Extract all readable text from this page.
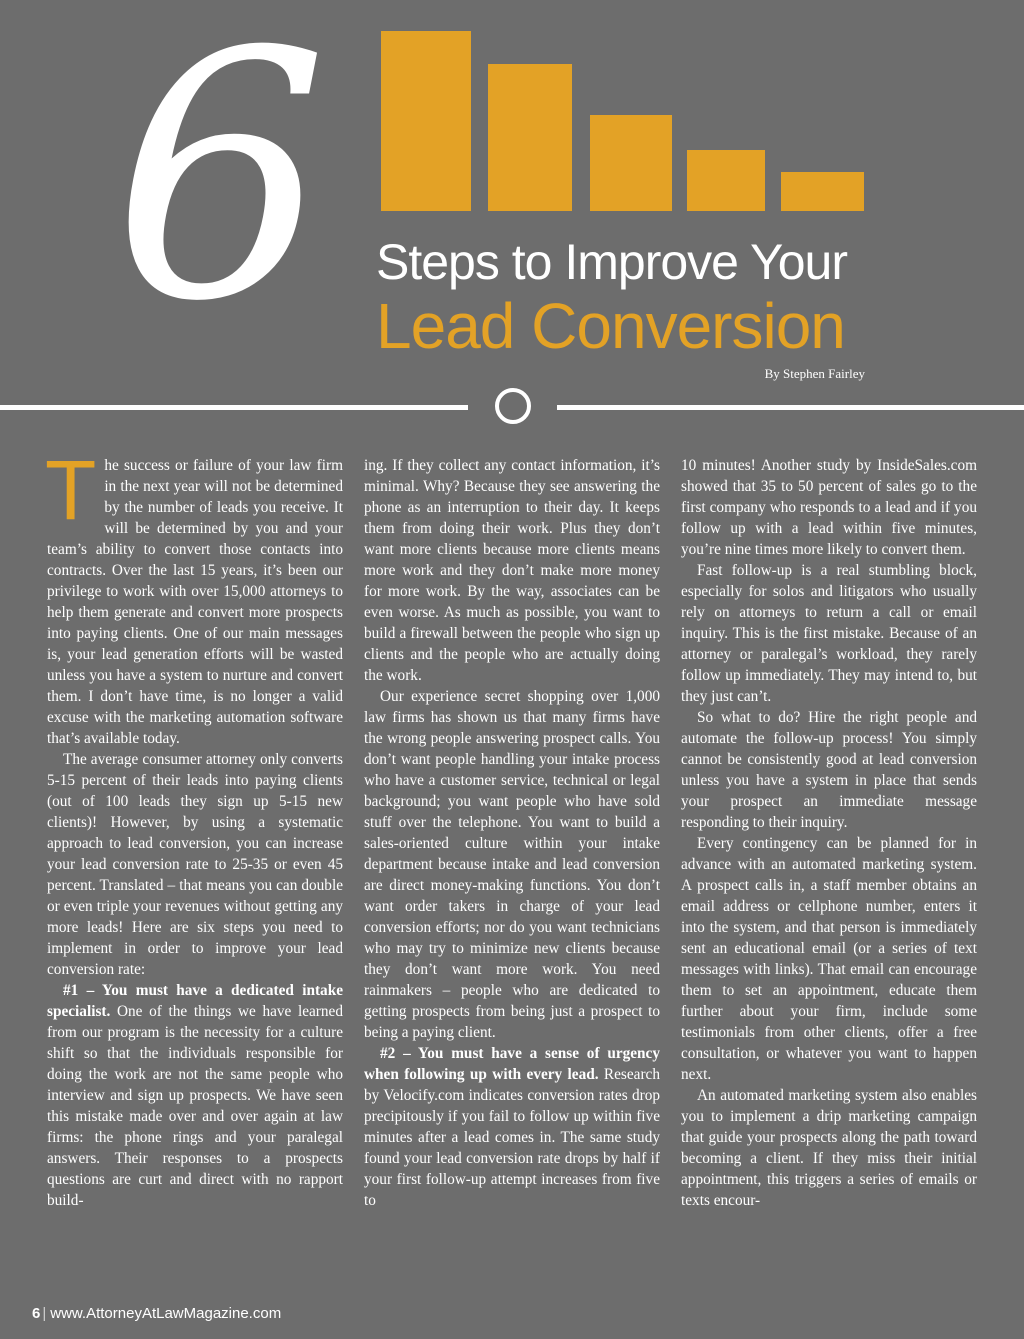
6 Steps to Improve Your
Lead Conversion
By Stephen Fairley

The success or failure of your law firm in the next year will not be determined by the number of leads you receive. It will be determined by you and your team’s ability to convert those contacts into contracts. Over the last 15 years, it’s been our privilege to work with over 15,000 attorneys to help them generate and convert more prospects into paying clients. One of our main messages is, your lead generation efforts will be wasted unless you have a system to nurture and convert them. I don’t have time, is no longer a valid excuse with the marketing automation software that’s available today.

The average consumer attorney only converts 5-15 percent of their leads into paying clients (out of 100 leads they sign up 5-15 new clients)! However, by using a systematic approach to lead conversion, you can increase your lead conversion rate to 25-35 or even 45 percent. Translated – that means you can double or even triple your revenues without getting any more leads! Here are six steps you need to implement in order to improve your lead conversion rate:

#1 – You must have a dedicated intake specialist. One of the things we have learned from our program is the necessity for a culture shift so that the individuals responsible for doing the work are not the same people who interview and sign up prospects. We have seen this mistake made over and over again at law firms: the phone rings and your paralegal answers. Their responses to a prospects questions are curt and direct with no rapport build-

ing. If they collect any contact information, it’s minimal. Why? Because they see answering the phone as an interruption to their day. It keeps them from doing their work. Plus they don’t want more clients because more clients means more work and they don’t make more money for more work. By the way, associates can be even worse. As much as possible, you want to build a firewall between the people who sign up clients and the people who are actually doing the work.

Our experience secret shopping over 1,000 law firms has shown us that many firms have the wrong people answering prospect calls. You don’t want people handling your intake process who have a customer service, technical or legal background; you want people who have sold stuff over the telephone. You want to build a sales-oriented culture within your intake department because intake and lead conversion are direct money-making functions. You don’t want order takers in charge of your lead conversion efforts; nor do you want technicians who may try to minimize new clients because they don’t want more work. You need rainmakers – people who are dedicated to getting prospects from being just a prospect to being a paying client.

#2 – You must have a sense of urgency when following up with every lead. Research by Velocify.com indicates conversion rates drop precipitously if you fail to follow up within five minutes after a lead comes in. The same study found your lead conversion rate drops by half if your first follow-up attempt increases from five to

10 minutes! Another study by InsideSales.com showed that 35 to 50 percent of sales go to the first company who responds to a lead and if you follow up with a lead within five minutes, you’re nine times more likely to convert them.

Fast follow-up is a real stumbling block, especially for solos and litigators who usually rely on attorneys to return a call or email inquiry. This is the first mistake. Because of an attorney or paralegal’s workload, they rarely follow up immediately. They may intend to, but they just can’t.

So what to do? Hire the right people and automate the follow-up process! You simply cannot be consistently good at lead conversion unless you have a system in place that sends your prospect an immediate message responding to their inquiry.

Every contingency can be planned for in advance with an automated marketing system. A prospect calls in, a staff member obtains an email address or cellphone number, enters it into the system, and that person is immediately sent an educational email (or a series of text messages with links). That email can encourage them to set an appointment, educate them further about your firm, include some testimonials from other clients, offer a free consultation, or whatever you want to happen next.

An automated marketing system also enables you to implement a drip marketing campaign that guide your prospects along the path toward becoming a client. If they miss their initial appointment, this triggers a series of emails or texts encour-

6 | www.AttorneyAtLawMagazine.com
